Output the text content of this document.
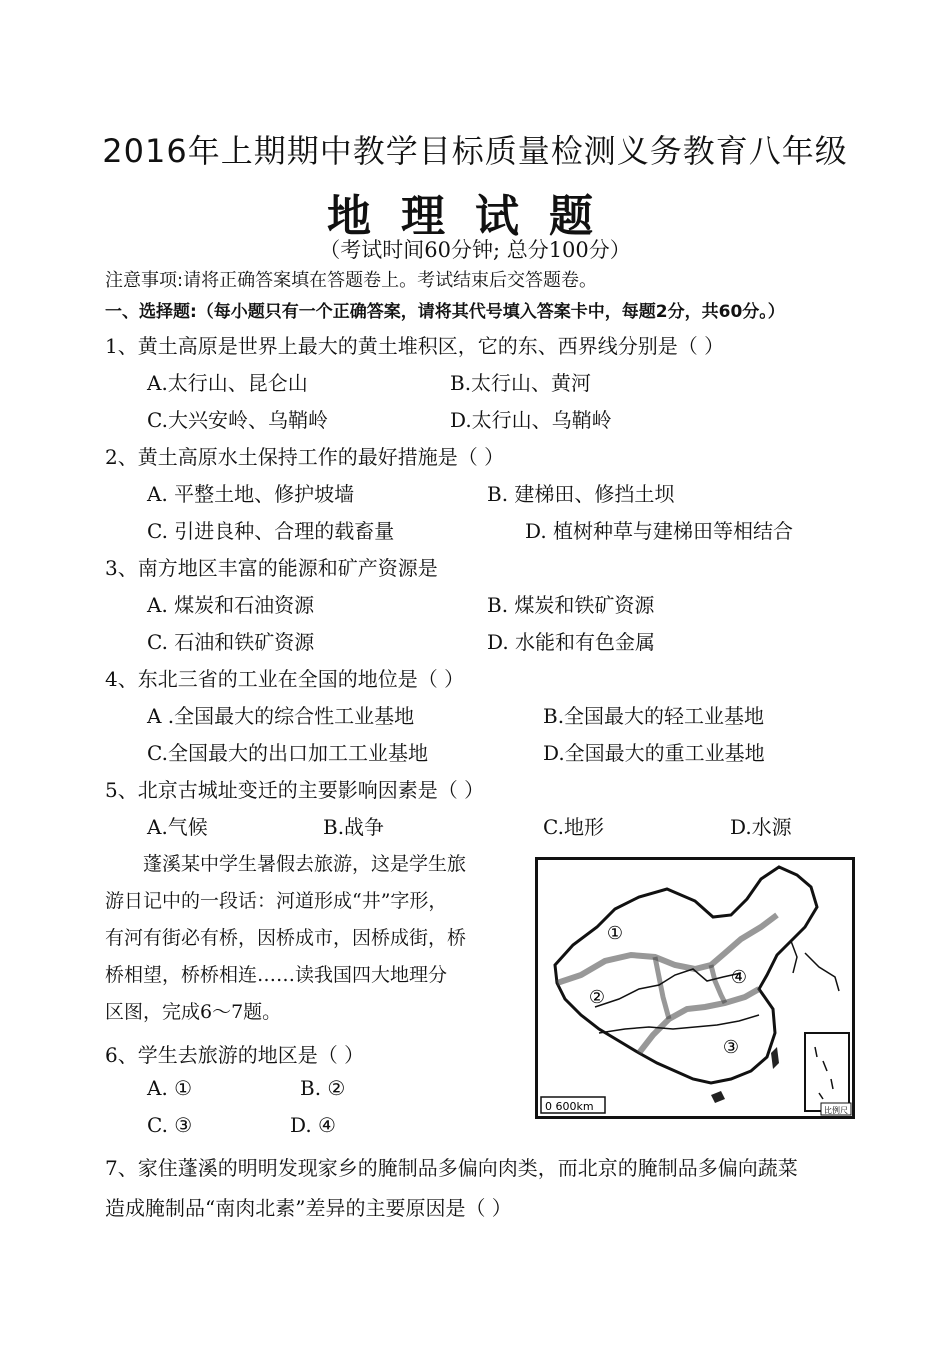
2016年上期期中教学目标质量检测义务教育八年级
地理试题
（考试时间60分钟; 总分100分）
注意事项:请将正确答案填在答题卷上。考试结束后交答题卷。
一、选择题:（每小题只有一个正确答案，请将其代号填入答案卡中，每题2分，共60分。）
1、黄土高原是世界上最大的黄土堆积区，它的东、西界线分别是（ ）
A.太行山、昆仑山	B.太行山、黄河
C.大兴安岭、乌鞘岭	D.太行山、乌鞘岭
2、黄土高原水土保持工作的最好措施是（ ）
A. 平整土地、修护坡墙	B. 建梯田、修挡土坝
C. 引进良种、合理的载畜量	D. 植树种草与建梯田等相结合
3、南方地区丰富的能源和矿产资源是
A. 煤炭和石油资源	B. 煤炭和铁矿资源
C. 石油和铁矿资源	D. 水能和有色金属
4、东北三省的工业在全国的地位是（ ）
A .全国最大的综合性工业基地	B.全国最大的轻工业基地
C.全国最大的出口加工工业基地	D.全国最大的重工业基地
5、北京古城址变迁的主要影响因素是（ ）
A.气候	B.战争	C.地形	D.水源
蓬溪某中学生暑假去旅游，这是学生旅
游日记中的一段话：河道形成“井”字形，
有河有街必有桥，因桥成市，因桥成街，桥
桥相望，桥桥相连……读我国四大地理分
区图，完成6～7题。
6、学生去旅游的地区是（ ）
A. ①	B. ②
C. ③	D. ④
7、家住蓬溪的明明发现家乡的腌制品多偏向肉类，而北京的腌制品多偏向蔬菜
造成腌制品“南肉北素”差异的主要原因是（ ）
①
②
③
④
0 600km	比例尺
